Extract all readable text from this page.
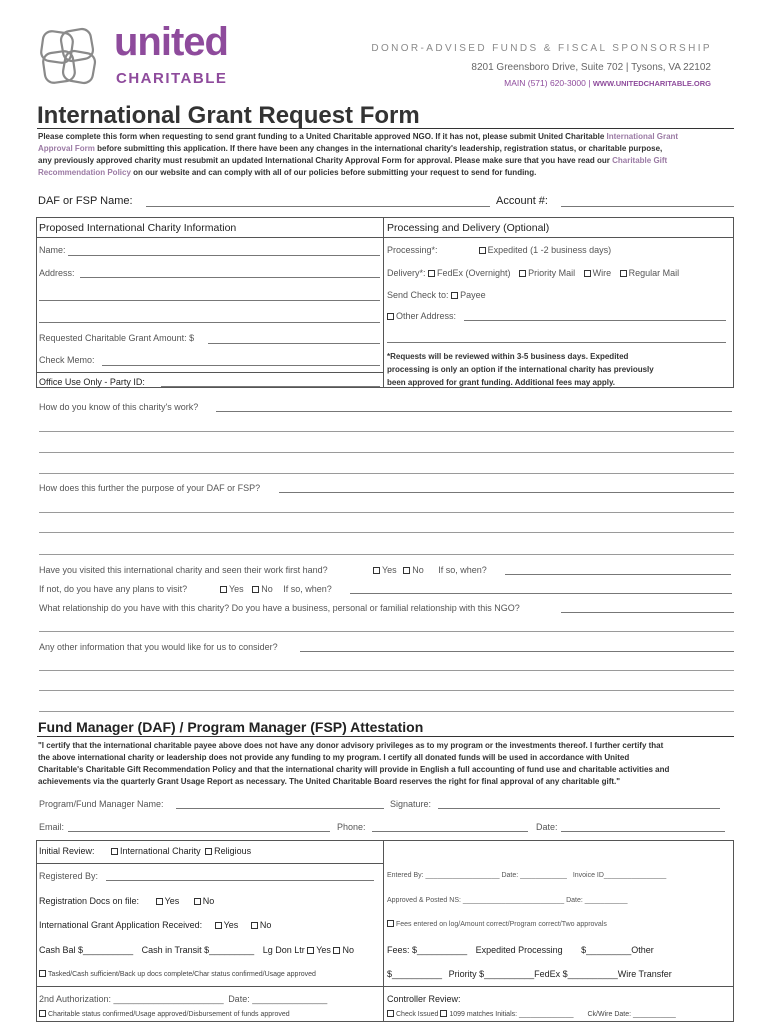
united
CHARITABLE
DONOR-ADVISED FUNDS & FISCAL SPONSORSHIP
8201 Greensboro Drive, Suite 702 | Tysons, VA 22102
MAIN (571) 620-3000 | WWW.UNITEDCHARITABLE.ORG
International Grant Request Form
Please complete this form when requesting to send grant funding to a United Charitable approved NGO. If it has not, please submit United Charitable International Grant
Approval Form before submitting this application. If there have been any changes in the international charity's leadership, registration status, or charitable purpose,
any previously approved charity must resubmit an updated International Charity Approval Form for approval. Please make sure that you have read our Charitable Gift
Recommendation Policy on our website and can comply with all of our policies before submitting your request to send for funding.
DAF or FSP Name:	Account #:
Proposed International Charity Information	Processing and Delivery (Optional)
Name:
Address:
Requested Charitable Grant Amount: $
Check Memo:
Office Use Only - Party ID:
Processing*:	Expedited (1 -2 business days)
Delivery*: FedEx (Overnight) Priority Mail Wire Regular Mail
Send Check to: Payee
Other Address:
*Requests will be reviewed within 3-5 business days. Expedited
processing is only an option if the international charity has previously
been approved for grant funding. Additional fees may apply.
How do you know of this charity's work?
How does this further the purpose of your DAF or FSP?
Have you visited this international charity and seen their work first hand?	Yes No If so, when?
If not, do you have any plans to visit?	Yes No If so, when?
What relationship do you have with this charity? Do you have a business, personal or familial relationship with this NGO?
Any other information that you would like for us to consider?
Fund Manager (DAF) / Program Manager (FSP) Attestation
"I certify that the international charitable payee above does not have any donor advisory privileges as to my program or the investments thereof. I further certify that
the above international charity or leadership does not provide any funding to my program. I certify all donated funds will be used in accordance with United
Charitable's Charitable Gift Recommendation Policy and that the international charity will provide in English a full accounting of fund use and charitable activities and
achievements via the quarterly Grant Usage Report as necessary. The United Charitable Board reserves the right for final approval of any charitable gift."
Program/Fund Manager Name:	Signature:
Email:	Phone:	Date:
Initial Review:	International Charity Religious
Registered By:
Registration Docs on file:	Yes	No
International Grant Application Received: Yes No
Cash Bal $__________ Cash in Transit $_________ Lg Don Ltr Yes No
Tasked/Cash sufficient/Back up docs complete/Char status confirmed/Usage approved
2nd Authorization: ______________________ Date: _______________
Charitable status confirmed/Usage approved/Disbursement of funds approved
Entered By: ___________________ Date: ____________ Invoice ID________________
Approved & Posted NS: __________________________ Date: ___________
Fees entered on log/Amount correct/Program correct/Two approvals
Fees: $__________ Expedited Processing $_________Other
$__________ Priority $__________FedEx $__________Wire Transfer
Controller Review:
Check Issued 1099 matches Initials: ______________ Ck/Wire Date: ___________
